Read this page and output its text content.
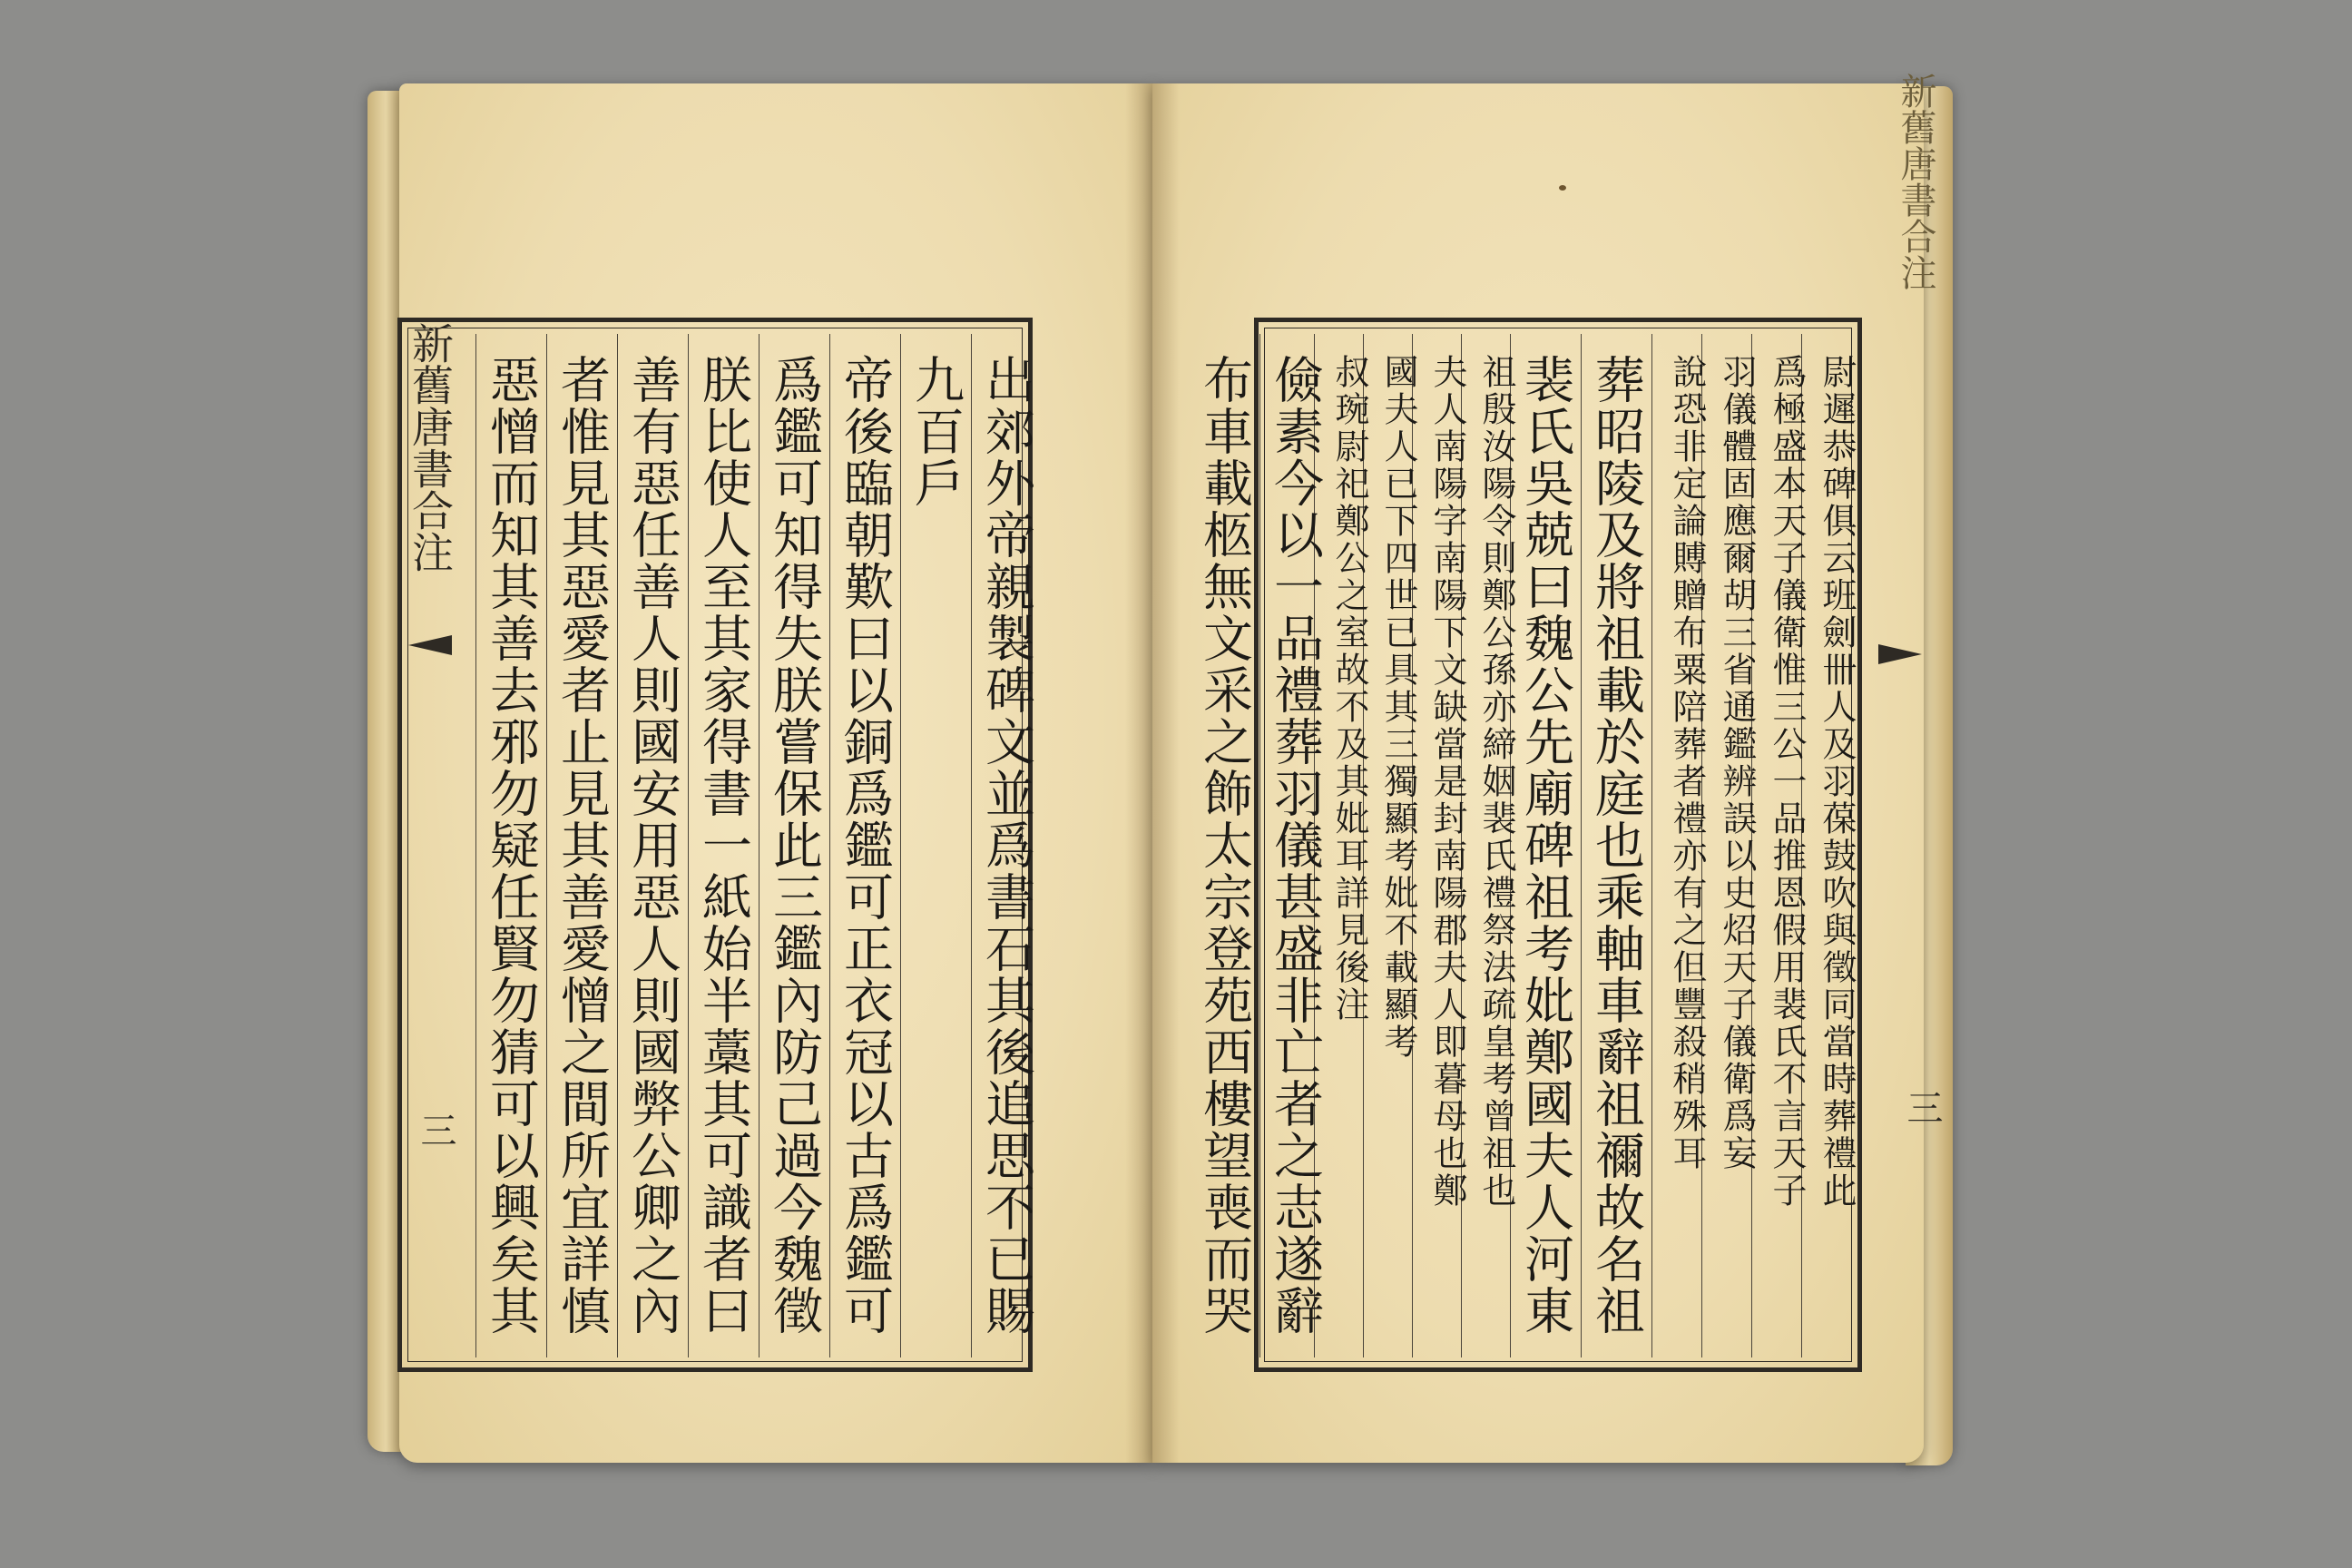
新舊唐書合注
新舊唐書合注
三
三
出郊外帝親製碑文並爲書石其後追思不已賜
九百戶
帝後臨朝歎曰以銅爲鑑可正衣冠以古爲鑑可
爲鑑可知得失朕嘗保此三鑑內防己過今魏徵
朕比使人至其家得書一紙始半藁其可識者曰
善有惡任善人則國安用惡人則國弊公卿之內
者惟見其惡愛者止見其善愛憎之間所宜詳慎
惡憎而知其善去邪勿疑任賢勿猜可以興矣其
尉遲恭碑俱云班劍卌人及羽葆鼓吹與徵同當時葬禮此
爲極盛本天子儀衛惟三公一品推恩假用裴氏不言天子
羽儀體固應爾胡三省通鑑辨誤以史炤天子儀衛爲妄
說恐非定論賻贈布粟陪葬者禮亦有之但豐殺稍殊耳
葬昭陵及將祖載於庭也乘軸車辭祖禰故名祖
裴氏吳兢曰魏公先廟碑祖考妣鄭國夫人河東
祖殷汝陽令則鄭公孫亦締姻裴氏禮祭法疏皇考曾祖也
夫人南陽字南陽下文缺當是封南陽郡夫人即暮母也鄭
國夫人已下四世已具其三獨顯考妣不載顯考
叔琬尉祀鄭公之室故不及其妣耳詳見後注
儉素今以一品禮葬羽儀甚盛非亡者之志遂辭
布車載柩無文采之飾太宗登苑西樓望喪而哭
